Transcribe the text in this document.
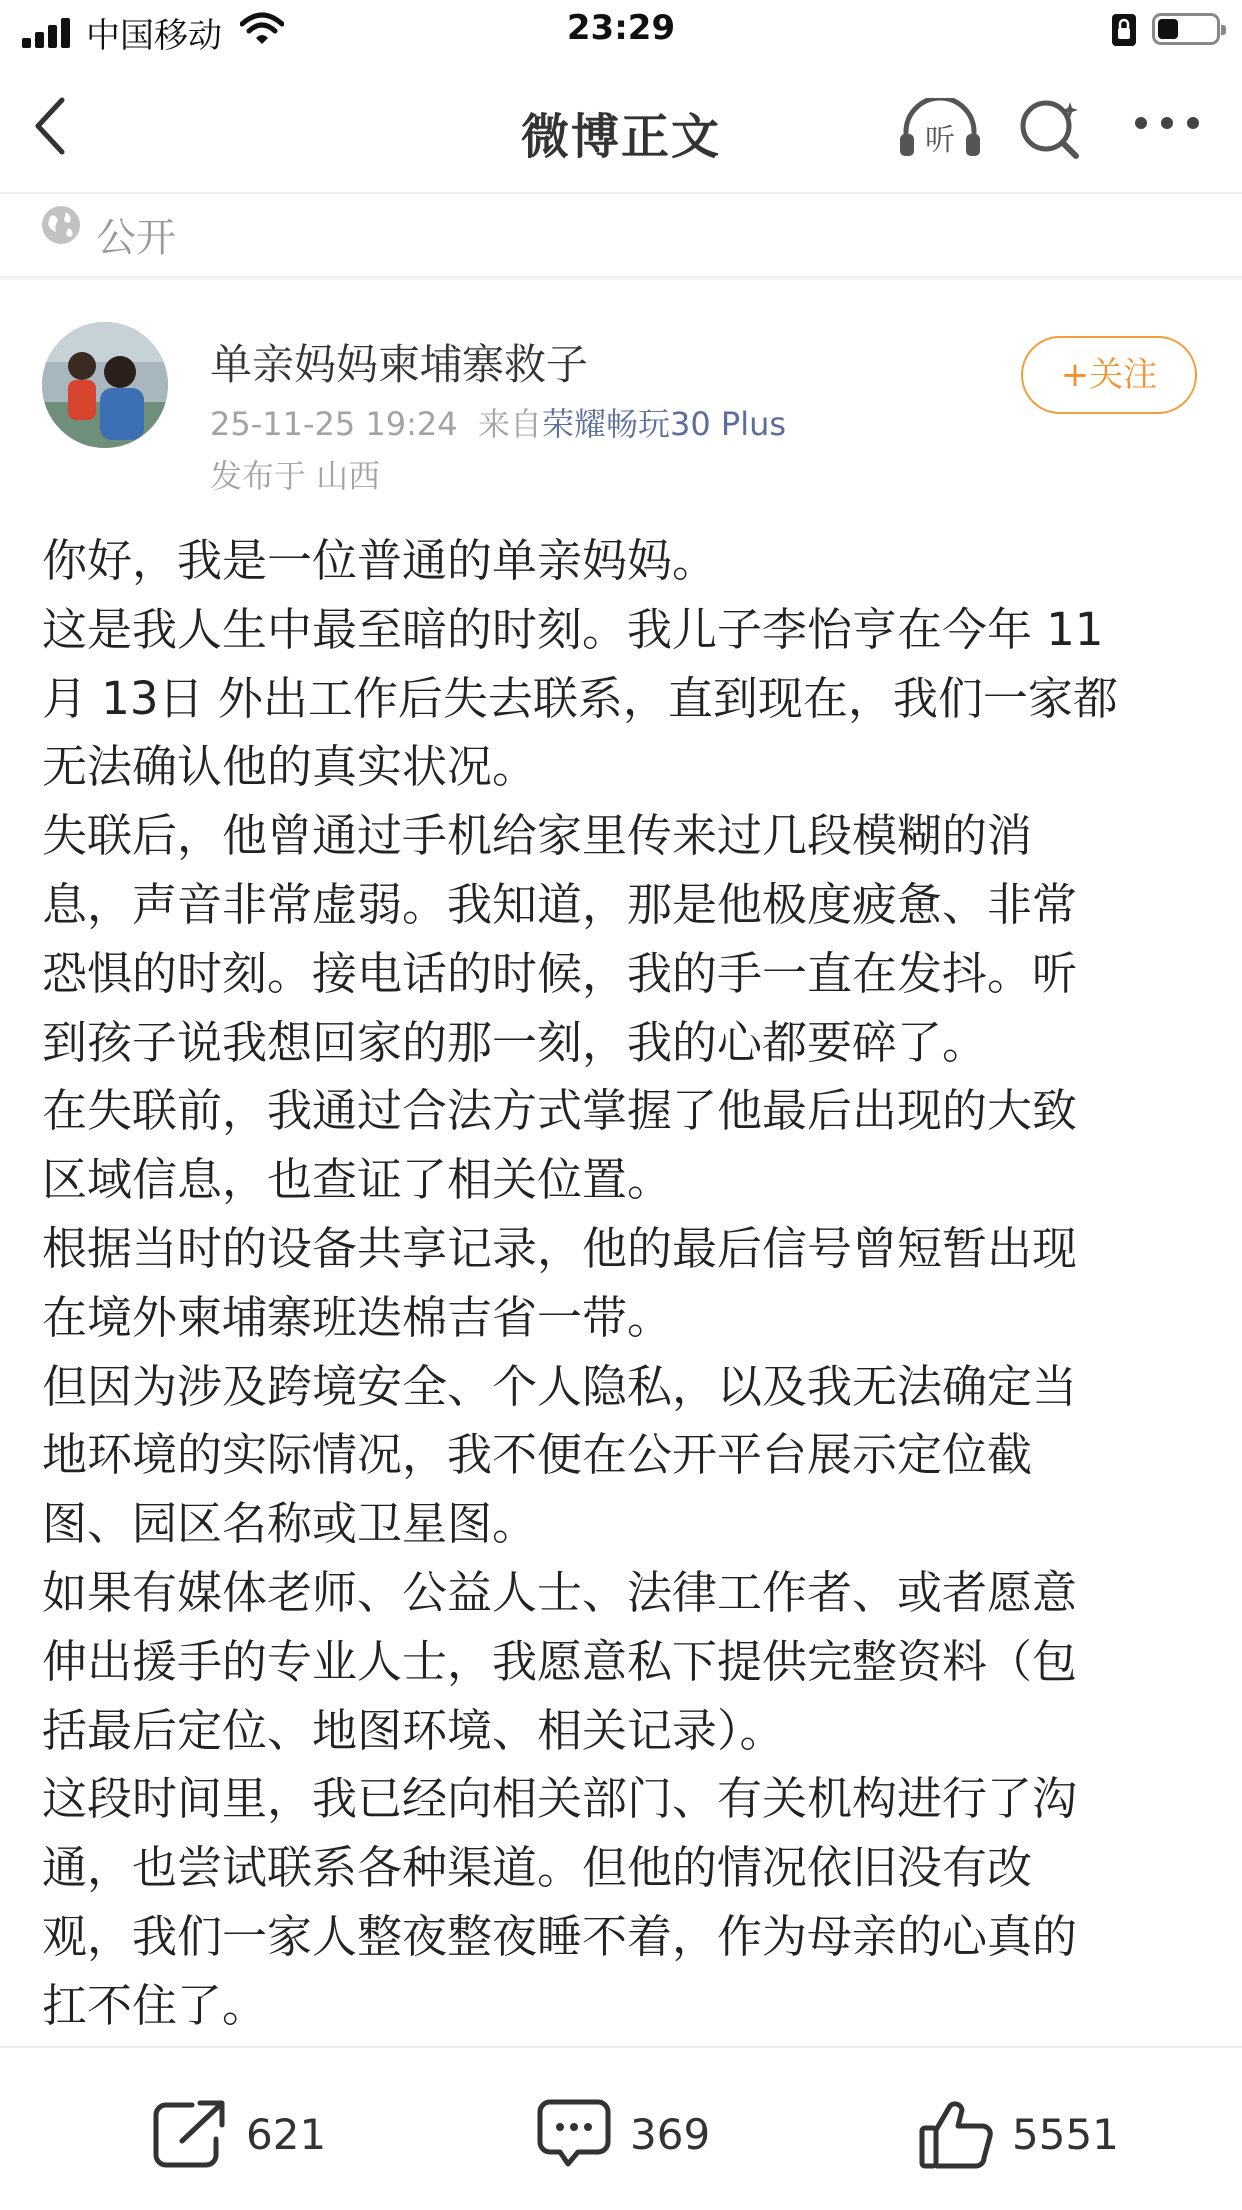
中国移动	23:29
微博正文	听
公开
单亲妈妈柬埔寨救子
25-11-25 19:24 来自荣耀畅玩30 Plus
发布于 山西
+关注

你好，我是一位普通的单亲妈妈。

这是我人生中最至暗的时刻。我儿子李怡亨在今年 11

月 13日 外出工作后失去联系，直到现在，我们一家都

无法确认他的真实状况。

失联后，他曾通过手机给家里传来过几段模糊的消

息，声音非常虚弱。我知道，那是他极度疲惫、非常

恐惧的时刻。接电话的时候，我的手一直在发抖。听

到孩子说我想回家的那一刻，我的心都要碎了。

在失联前，我通过合法方式掌握了他最后出现的大致

区域信息，也查证了相关位置。

根据当时的设备共享记录，他的最后信号曾短暂出现

在境外柬埔寨班迭棉吉省一带。

但因为涉及跨境安全、个人隐私，以及我无法确定当

地环境的实际情况，我不便在公开平台展示定位截

图、园区名称或卫星图。

如果有媒体老师、公益人士、法律工作者、或者愿意

伸出援手的专业人士，我愿意私下提供完整资料（包

括最后定位、地图环境、相关记录）。

这段时间里，我已经向相关部门、有关机构进行了沟

通，也尝试联系各种渠道。但他的情况依旧没有改

观，我们一家人整夜整夜睡不着，作为母亲的心真的

扛不住了。

621	369	5551
